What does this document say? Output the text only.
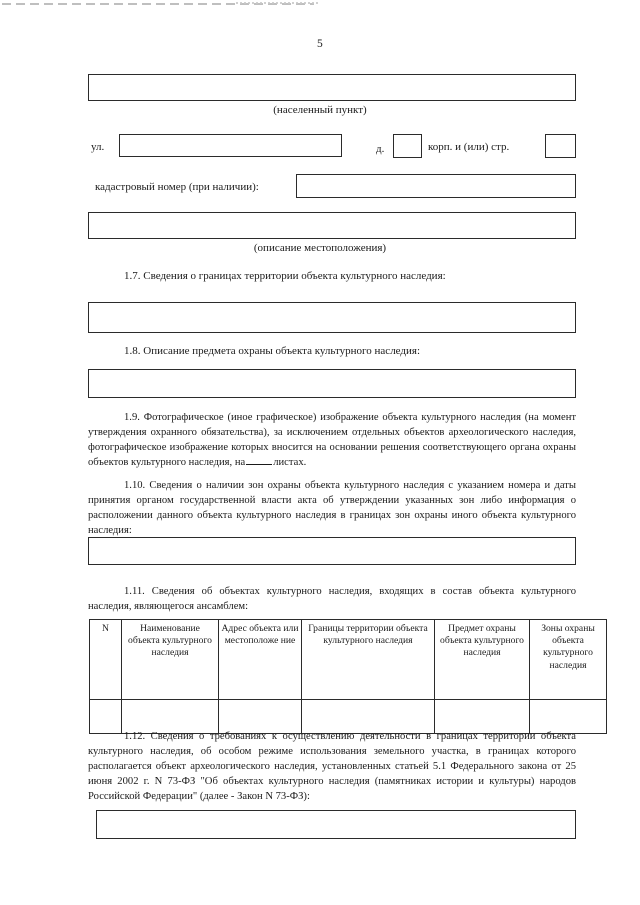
5
(населенный пункт)
ул.	д.	корп. и (или) стр.
кадастровый номер (при наличии):
(описание местоположения)
1.7. Сведения о границах территории объекта культурного наследия:
1.8. Описание предмета охраны объекта культурного наследия:
1.9. Фотографическое (иное графическое) изображение объекта культурного наследия (на момент утверждения охранного обязательства), за исключением отдельных объектов археологического наследия, фотографическое изображение которых вносится на основании решения соответствующего органа охраны объектов культурного наследия, на	листах.
1.10. Сведения о наличии зон охраны объекта культурного наследия с указанием номера и даты принятия органом государственной власти акта об утверждении указанных зон либо информация о расположении данного объекта культурного наследия в границах зон охраны иного объекта культурного наследия:
1.11. Сведения об объектах культурного наследия, входящих в состав объекта культурного наследия, являющегося ансамблем:
N	Наименование объекта культурного наследия	Адрес объекта или местоположе ние	Границы территории объекта культурного наследия	Предмет охраны объекта культурного наследия	Зоны охраны объекта культурного наследия

1.12. Сведения о требованиях к осуществлению деятельности в границах территории объекта культурного наследия, об особом режиме использования земельного участка, в границах которого располагается объект археологического наследия, установленных статьей 5.1 Федерального закона от 25 июня 2002 г. N 73-ФЗ "Об объектах культурного наследия (памятниках истории и культуры) народов Российской Федерации" (далее - Закон N 73-ФЗ):
